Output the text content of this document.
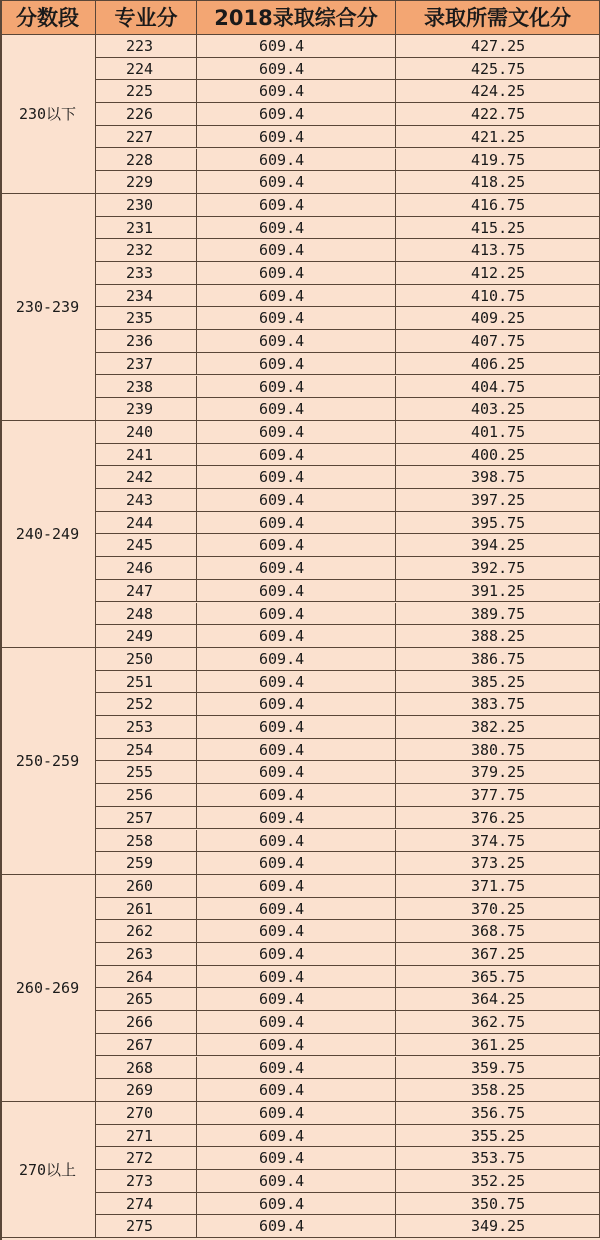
分数段	专业分	2018录取综合分	录取所需文化分
230以下
223	609.4	427.25
224	609.4	425.75
225	609.4	424.25
226	609.4	422.75
227	609.4	421.25
228	609.4	419.75
229	609.4	418.25
230-239
230	609.4	416.75
231	609.4	415.25
232	609.4	413.75
233	609.4	412.25
234	609.4	410.75
235	609.4	409.25
236	609.4	407.75
237	609.4	406.25
238	609.4	404.75
239	609.4	403.25
240-249
240	609.4	401.75
241	609.4	400.25
242	609.4	398.75
243	609.4	397.25
244	609.4	395.75
245	609.4	394.25
246	609.4	392.75
247	609.4	391.25
248	609.4	389.75
249	609.4	388.25
250-259
250	609.4	386.75
251	609.4	385.25
252	609.4	383.75
253	609.4	382.25
254	609.4	380.75
255	609.4	379.25
256	609.4	377.75
257	609.4	376.25
258	609.4	374.75
259	609.4	373.25
260-269
260	609.4	371.75
261	609.4	370.25
262	609.4	368.75
263	609.4	367.25
264	609.4	365.75
265	609.4	364.25
266	609.4	362.75
267	609.4	361.25
268	609.4	359.75
269	609.4	358.25
270以上
270	609.4	356.75
271	609.4	355.25
272	609.4	353.75
273	609.4	352.25
274	609.4	350.75
275	609.4	349.25
